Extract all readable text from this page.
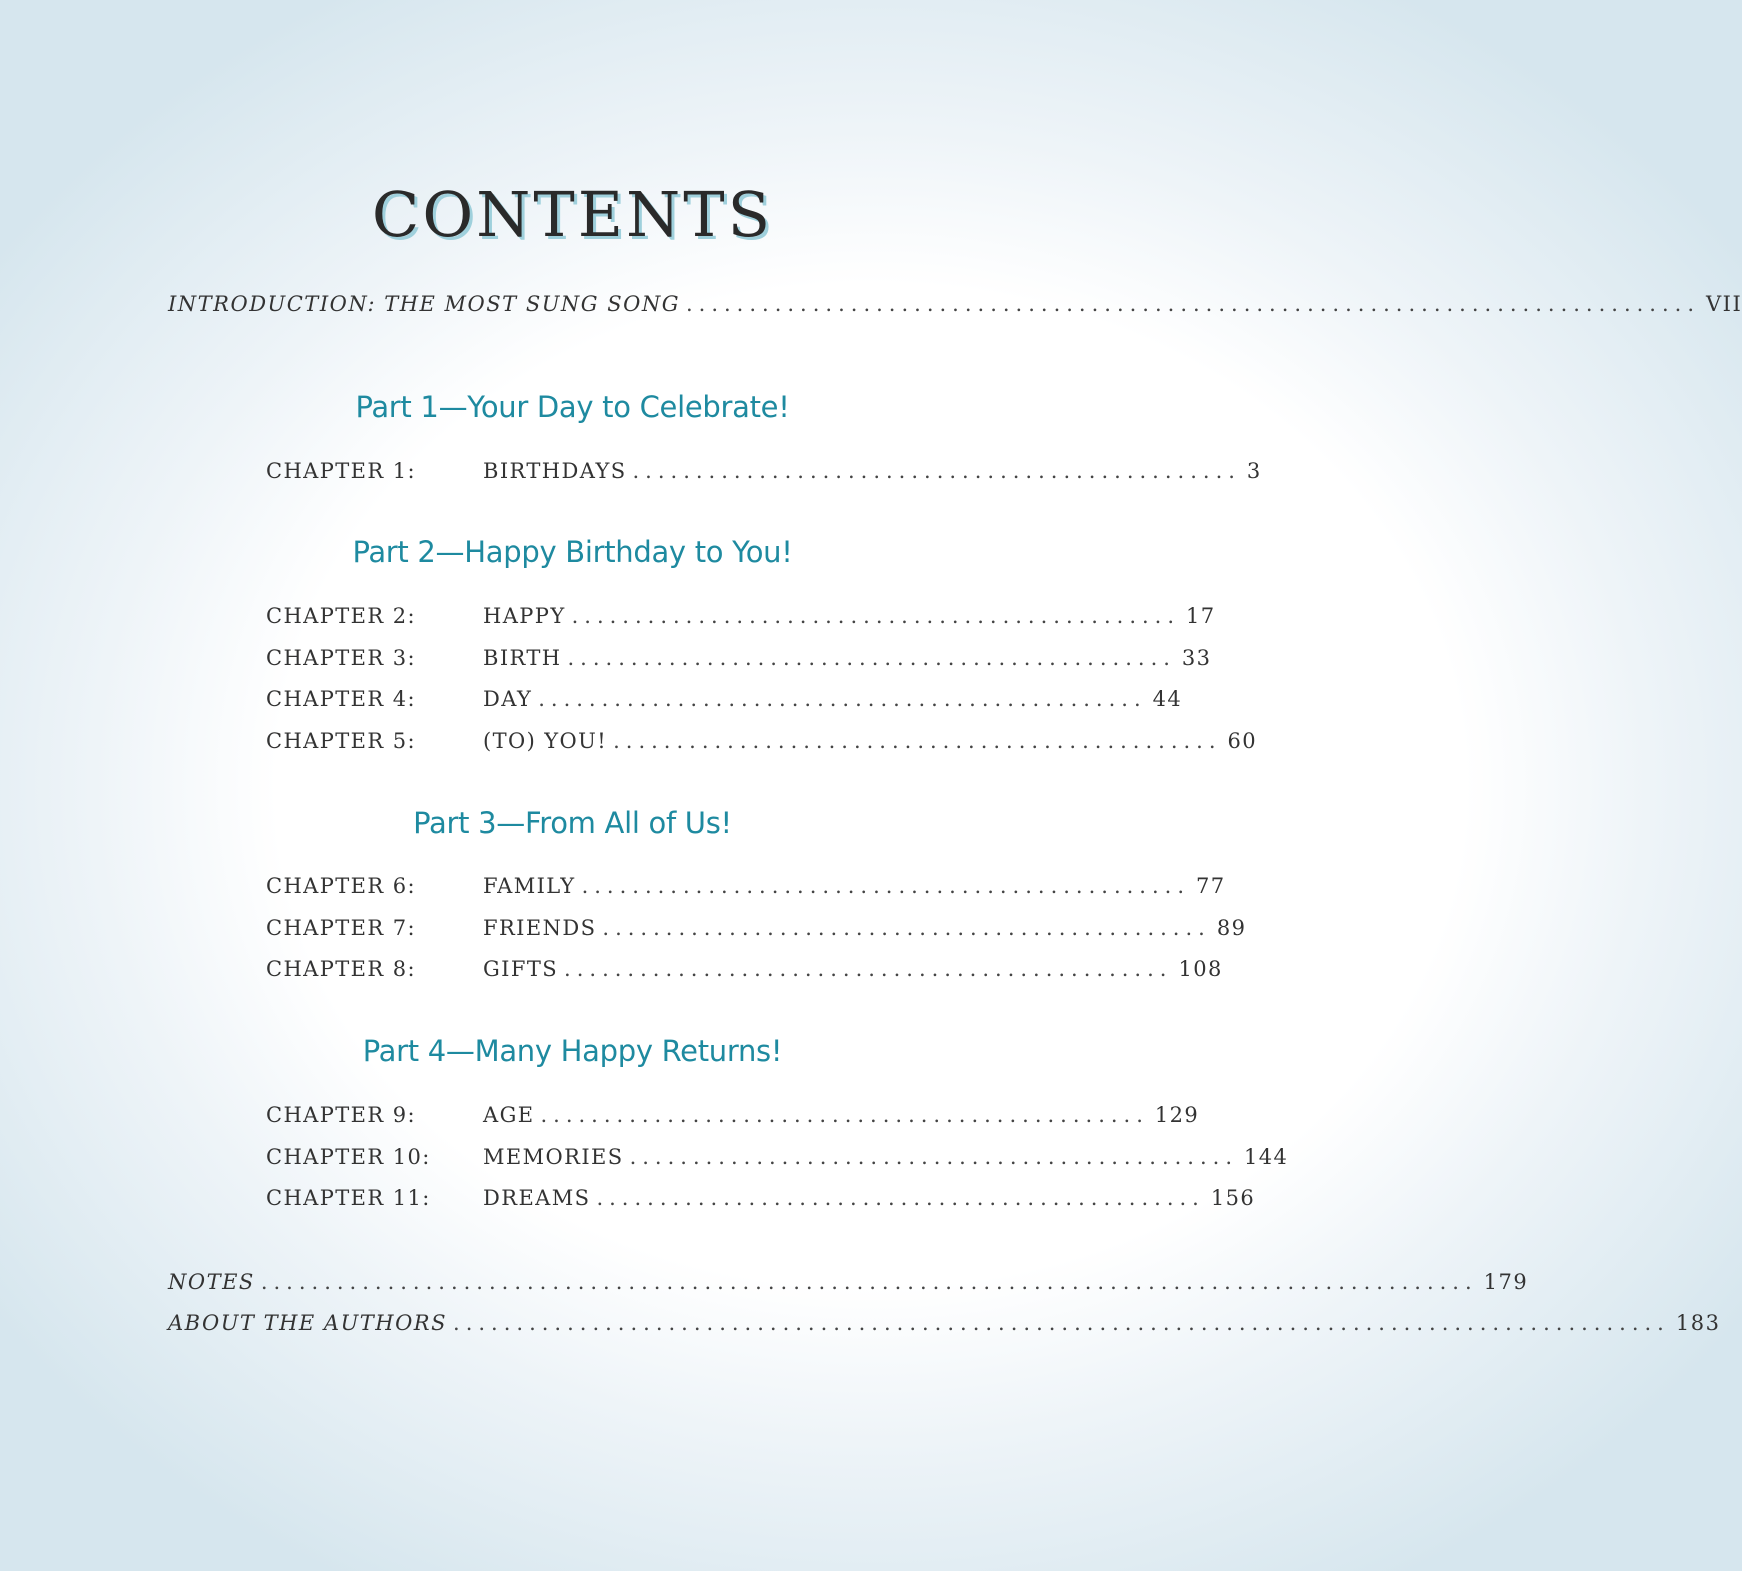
CONTENTS
INTRODUCTION: THE MOST SUNG SONG ................................................................................ VII
Part 1—Your Day to Celebrate!
CHAPTER 1:	BIRTHDAYS ................................................ 3
Part 2—Happy Birthday to You!
CHAPTER 2:	HAPPY ................................................ 17
CHAPTER 3:	BIRTH ................................................ 33
CHAPTER 4:	DAY ................................................ 44
CHAPTER 5:	(TO) YOU! ................................................ 60
Part 3—From All of Us!
CHAPTER 6:	FAMILY ................................................ 77
CHAPTER 7:	FRIENDS ................................................ 89
CHAPTER 8:	GIFTS ................................................ 108
Part 4—Many Happy Returns!
CHAPTER 9:	AGE ................................................ 129
CHAPTER 10:	MEMORIES ................................................ 144
CHAPTER 11:	DREAMS ................................................ 156
NOTES ................................................................................................ 179
ABOUT THE AUTHORS ................................................................................................ 183
